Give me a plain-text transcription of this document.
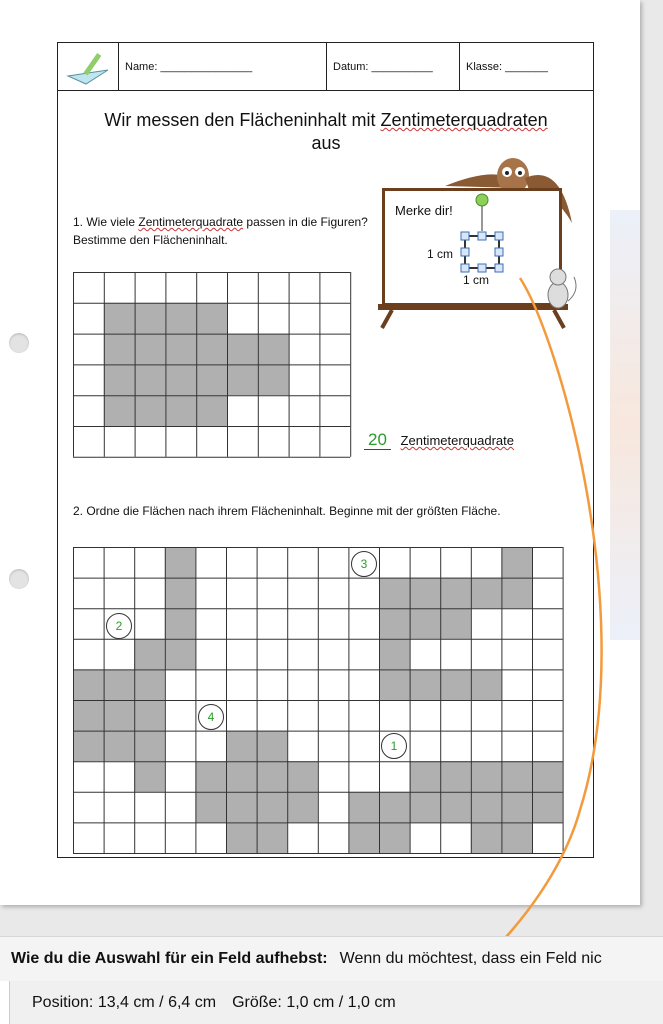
Name: _______________	Datum: __________	Klasse: _______
Wir messen den Flächeninhalt mit Zentimeterquadraten
aus
1. Wie viele Zentimeterquadrate passen in die Figuren? Bestimme den Flächeninhalt.
2. Ordne die Flächen nach ihrem Flächeninhalt. Beginne mit der größten Fläche.
Merke dir!
1 cm
1 cm
20 Zentimeterquadrate
1
2
3
4
Wie du die Auswahl für ein Feld aufhebst: Wenn du möchtest, dass ein Feld nic
Position: 13,4 cm / 6,4 cm Größe: 1,0 cm / 1,0 cm
